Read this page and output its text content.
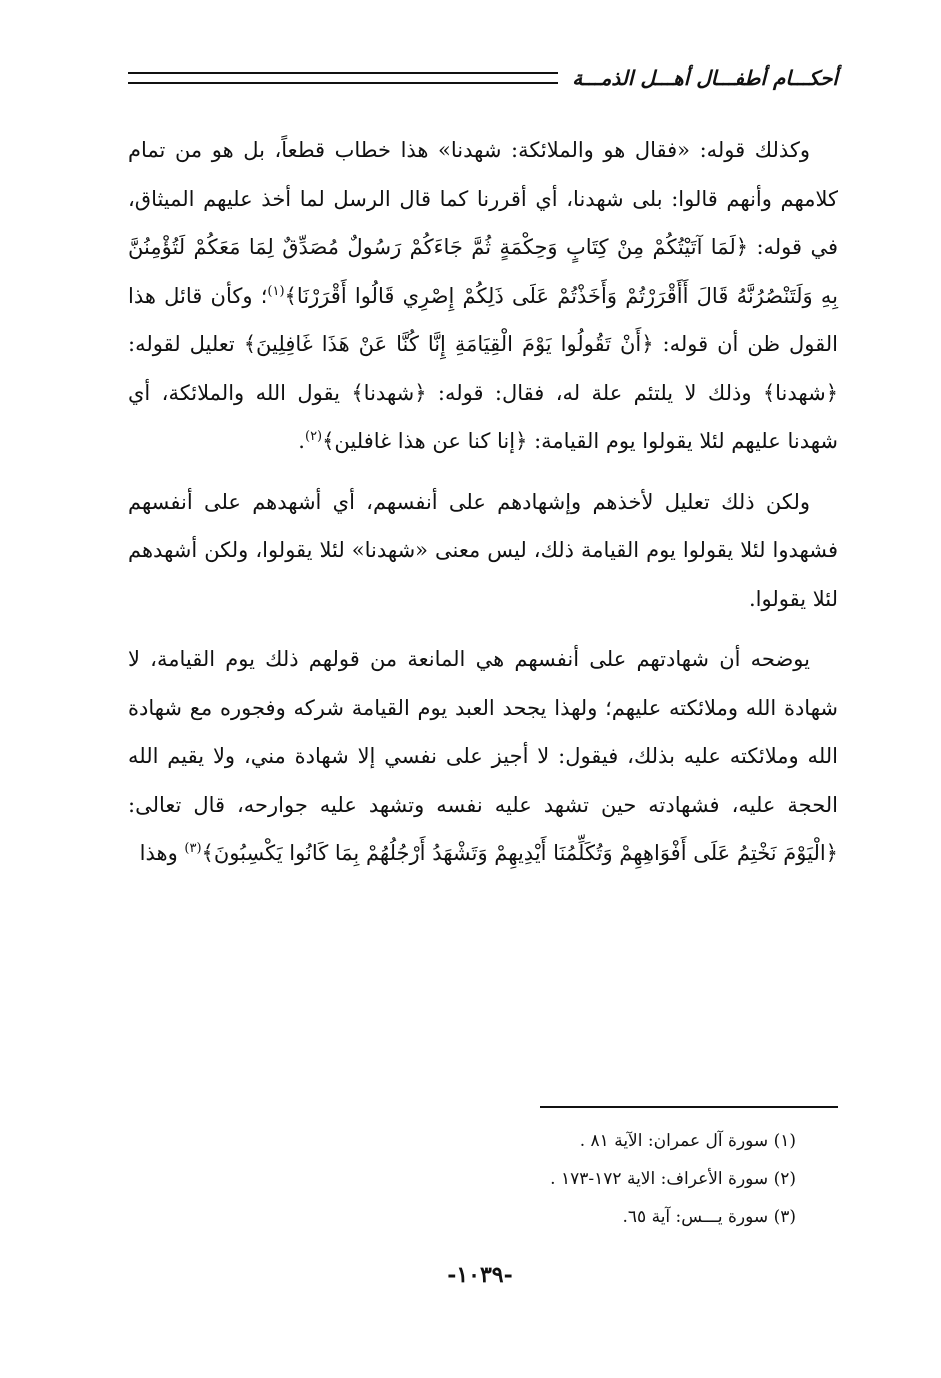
أحكـــام أطفـــال أهـــل الذمـــة

وكذلك قوله: «فقال هو والملائكة: شهدنا» هذا خطاب قطعاً، بل هو من تمام كلامهم وأنهم قالوا: بلى شهدنا، أي أقررنا كما قال الرسل لما أخذ عليهم الميثاق، في قوله: ﴿لَمَا آتَيْتُكُمْ مِنْ كِتَابٍ وَحِكْمَةٍ ثُمَّ جَاءَكُمْ رَسُولٌ مُصَدِّقٌ لِمَا مَعَكُمْ لَتُؤْمِنُنَّ بِهِ وَلَتَنْصُرُنَّهُ قَالَ أَأَقْرَرْتُمْ وَأَخَذْتُمْ عَلَى ذَلِكُمْ إِصْرِي قَالُوا أَقْرَرْنَا﴾$^{(١)}$؛ وكأن قائل هذا القول ظن أن قوله: ﴿أَنْ تَقُولُوا يَوْمَ الْقِيَامَةِ إِنَّا كُنَّا عَنْ هَذَا غَافِلِينَ﴾ تعليل لقوله: ﴿شهدنا﴾ وذلك لا يلتئم علة له، فقال: قوله: ﴿شهدنا﴾ يقول الله والملائكة، أي شهدنا عليهم لئلا يقولوا يوم القيامة: ﴿إنا كنا عن هذا غافلين﴾$^{(٢)}$.

ولكن ذلك تعليل لأخذهم وإشهادهم على أنفسهم، أي أشهدهم على أنفسهم فشهدوا لئلا يقولوا يوم القيامة ذلك، ليس معنى «شهدنا» لئلا يقولوا، ولكن أشهدهم لئلا يقولوا.

يوضحه أن شهادتهم على أنفسهم هي المانعة من قولهم ذلك يوم القيامة، لا شهادة الله وملائكته عليهم؛ ولهذا يجحد العبد يوم القيامة شركه وفجوره مع شهادة الله وملائكته عليه بذلك، فيقول: لا أجيز على نفسي إلا شهادة مني، ولا يقيم الله الحجة عليه، فشهادته حين تشهد عليه نفسه وتشهد عليه جوارحه، قال تعالى: ﴿الْيَوْمَ نَخْتِمُ عَلَى أَفْوَاهِهِمْ وَتُكَلِّمُنَا أَيْدِيهِمْ وَتَشْهَدُ أَرْجُلُهُمْ بِمَا كَانُوا يَكْسِبُونَ﴾$^{(٣)}$ وهذا

(١) سورة آل عمران: الآية ٨١ .
(٢) سورة الأعراف: الاية ١٧٢-١٧٣ .
(٣) سورة يـــس: آية ٦٥.
-١٠٣٩-
